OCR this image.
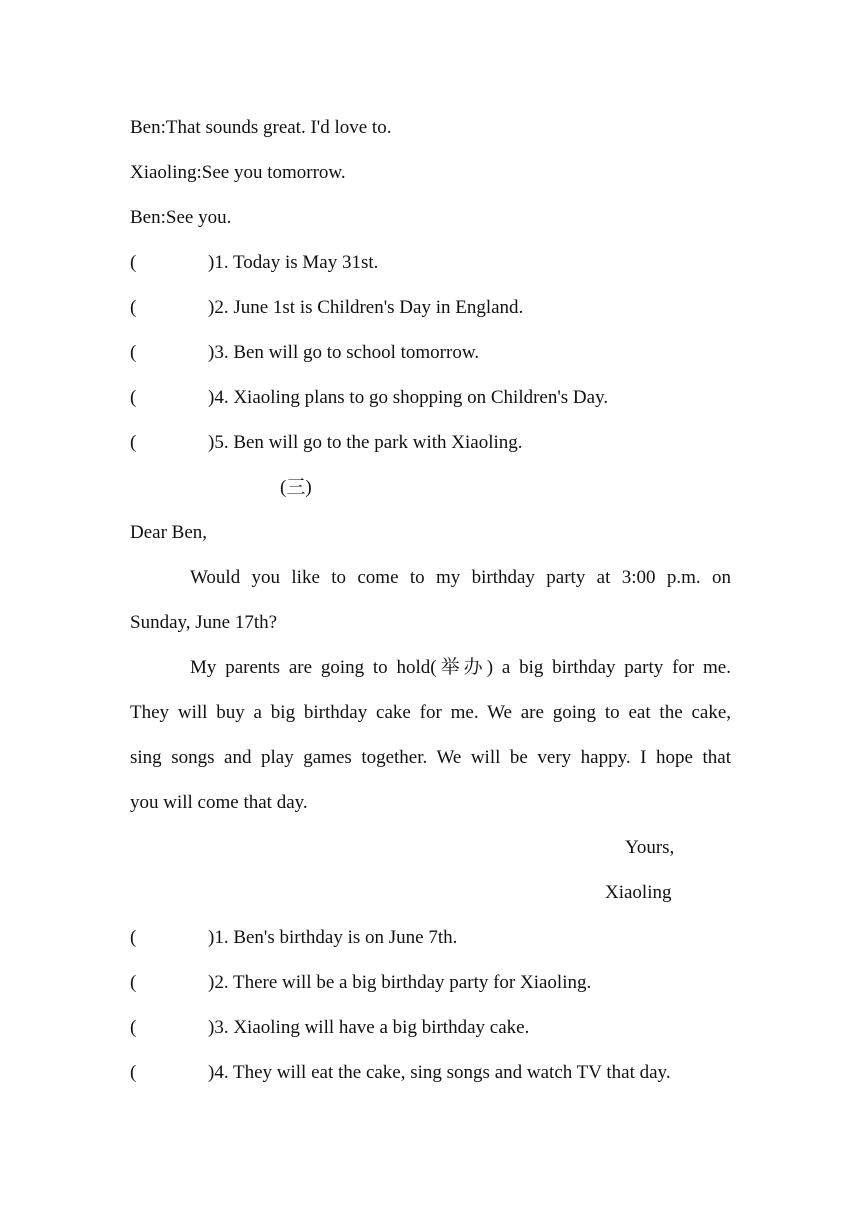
Ben:That sounds great. I'd love to.
Xiaoling:See you tomorrow.
Ben:See you.
(	)1. Today is May 31st.
(	)2. June 1st is Children's Day in England.
(	)3. Ben will go to school tomorrow.
(	)4. Xiaoling plans to go shopping on Children's Day.
(	)5. Ben will go to the park with Xiaoling.
(三)
Dear Ben,
Would you like to come to my birthday party at 3:00 p.m. on
Sunday, June 17th?
My parents are going to hold(举办) a big birthday party for me.
They will buy a big birthday cake for me. We are going to eat the cake,
sing songs and play games together. We will be very happy. I hope that
you will come that day.
Yours,
Xiaoling
(	)1. Ben's birthday is on June 7th.
(	)2. There will be a big birthday party for Xiaoling.
(	)3. Xiaoling will have a big birthday cake.
(	)4. They will eat the cake, sing songs and watch TV that day.
